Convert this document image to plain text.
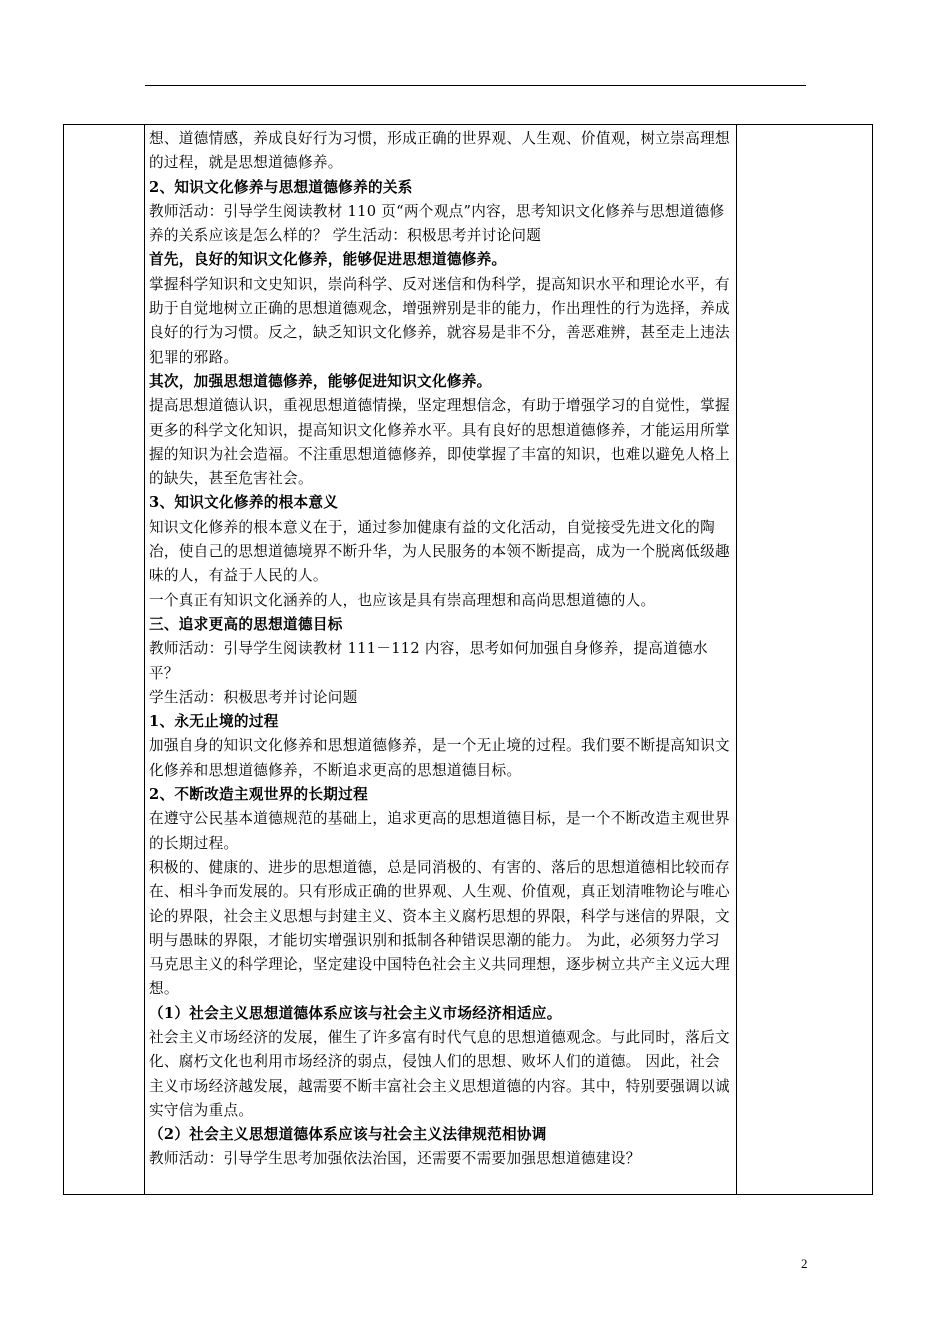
想、道德情感，养成良好行为习惯，形成正确的世界观、人生观、价值观，树立崇高理想的过程，就是思想道德修养。

2、知识文化修养与思想道德修养的关系

教师活动：引导学生阅读教材 110 页“两个观点”内容，思考知识文化修养与思想道德修养的关系应该是怎么样的？ 学生活动：积极思考并讨论问题

首先，良好的知识文化修养，能够促进思想道德修养。

掌握科学知识和文史知识，崇尚科学、反对迷信和伪科学，提高知识水平和理论水平，有助于自觉地树立正确的思想道德观念，增强辨别是非的能力，作出理性的行为选择，养成良好的行为习惯。反之，缺乏知识文化修养，就容易是非不分，善恶难辨，甚至走上违法犯罪的邪路。

其次，加强思想道德修养，能够促进知识文化修养。

提高思想道德认识，重视思想道德情操，坚定理想信念，有助于增强学习的自觉性，掌握更多的科学文化知识，提高知识文化修养水平。具有良好的思想道德修养，才能运用所掌握的知识为社会造福。不注重思想道德修养，即使掌握了丰富的知识，也难以避免人格上的缺失，甚至危害社会。

3、知识文化修养的根本意义

知识文化修养的根本意义在于，通过参加健康有益的文化活动，自觉接受先进文化的陶冶，使自己的思想道德境界不断升华，为人民服务的本领不断提高，成为一个脱离低级趣味的人，有益于人民的人。

一个真正有知识文化涵养的人，也应该是具有崇高理想和高尚思想道德的人。

三、追求更高的思想道德目标

教师活动：引导学生阅读教材 111－112 内容，思考如何加强自身修养，提高道德水平？

学生活动：积极思考并讨论问题

1、永无止境的过程

加强自身的知识文化修养和思想道德修养，是一个无止境的过程。我们要不断提高知识文化修养和思想道德修养，不断追求更高的思想道德目标。

2、不断改造主观世界的长期过程

在遵守公民基本道德规范的基础上，追求更高的思想道德目标，是一个不断改造主观世界的长期过程。

积极的、健康的、进步的思想道德，总是同消极的、有害的、落后的思想道德相比较而存在、相斗争而发展的。只有形成正确的世界观、人生观、价值观，真正划清唯物论与唯心论的界限，社会主义思想与封建主义、资本主义腐朽思想的界限，科学与迷信的界限，文明与愚昧的界限，才能切实增强识别和抵制各种错误思潮的能力。 为此，必须努力学习马克思主义的科学理论，坚定建设中国特色社会主义共同理想，逐步树立共产主义远大理想。

（1）社会主义思想道德体系应该与社会主义市场经济相适应。

社会主义市场经济的发展，催生了许多富有时代气息的思想道德观念。与此同时，落后文化、腐朽文化也利用市场经济的弱点，侵蚀人们的思想、败坏人们的道德。 因此，社会主义市场经济越发展，越需要不断丰富社会主义思想道德的内容。其中，特别要强调以诚实守信为重点。

（2）社会主义思想道德体系应该与社会主义法律规范相协调

教师活动：引导学生思考加强依法治国，还需要不需要加强思想道德建设？

2
